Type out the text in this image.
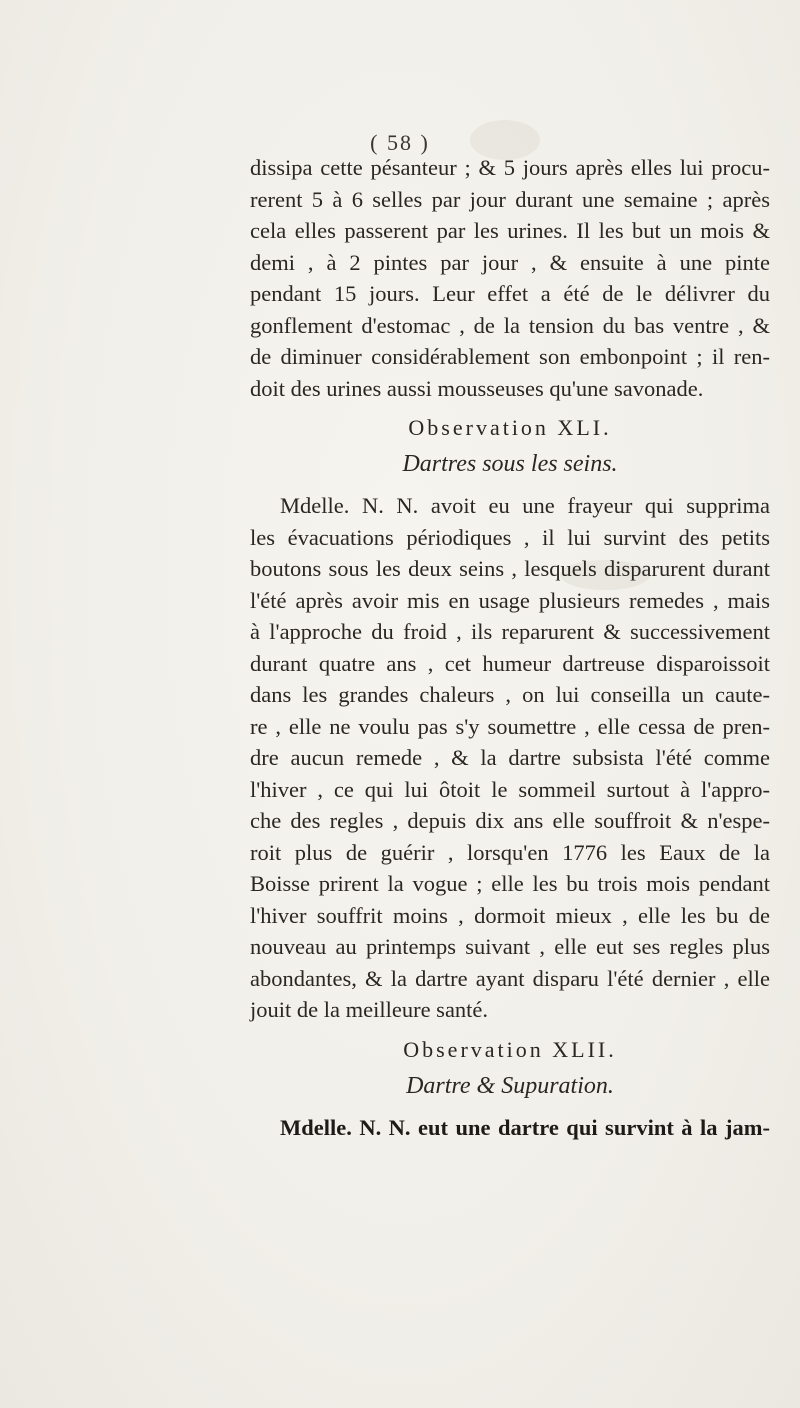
( 58 )
dissipa cette pésanteur ; & 5 jours après elles lui procu-
rerent 5 à 6 selles par jour durant une semaine ; après
cela elles passerent par les urines. Il les but un mois &
demi , à 2 pintes par jour , & ensuite à une pinte
pendant 15 jours. Leur effet a été de le délivrer du
gonflement d'estomac , de la tension du bas ventre , &
de diminuer considérablement son embonpoint ; il ren-
doit des urines aussi mousseuses qu'une savonade.
Observation XLI.
Dartres sous les seins.
Mdelle. N. N. avoit eu une frayeur qui supprima
les évacuations périodiques , il lui survint des petits
boutons sous les deux seins , lesquels disparurent durant
l'été après avoir mis en usage plusieurs remedes , mais
à l'approche du froid , ils reparurent & successivement
durant quatre ans , cet humeur dartreuse disparoissoit
dans les grandes chaleurs , on lui conseilla un caute-
re , elle ne voulu pas s'y soumettre , elle cessa de pren-
dre aucun remede , & la dartre subsista l'été comme
l'hiver , ce qui lui ôtoit le sommeil surtout à l'appro-
che des regles , depuis dix ans elle souffroit & n'espe-
roit plus de guérir , lorsqu'en 1776 les Eaux de la
Boisse prirent la vogue ; elle les bu trois mois pendant
l'hiver souffrit moins , dormoit mieux , elle les bu de
nouveau au printemps suivant , elle eut ses regles plus
abondantes, & la dartre ayant disparu l'été dernier , elle
jouit de la meilleure santé.
Observation XLII.
Dartre & Supuration.
Mdelle. N. N. eut une dartre qui survint à la jam-
